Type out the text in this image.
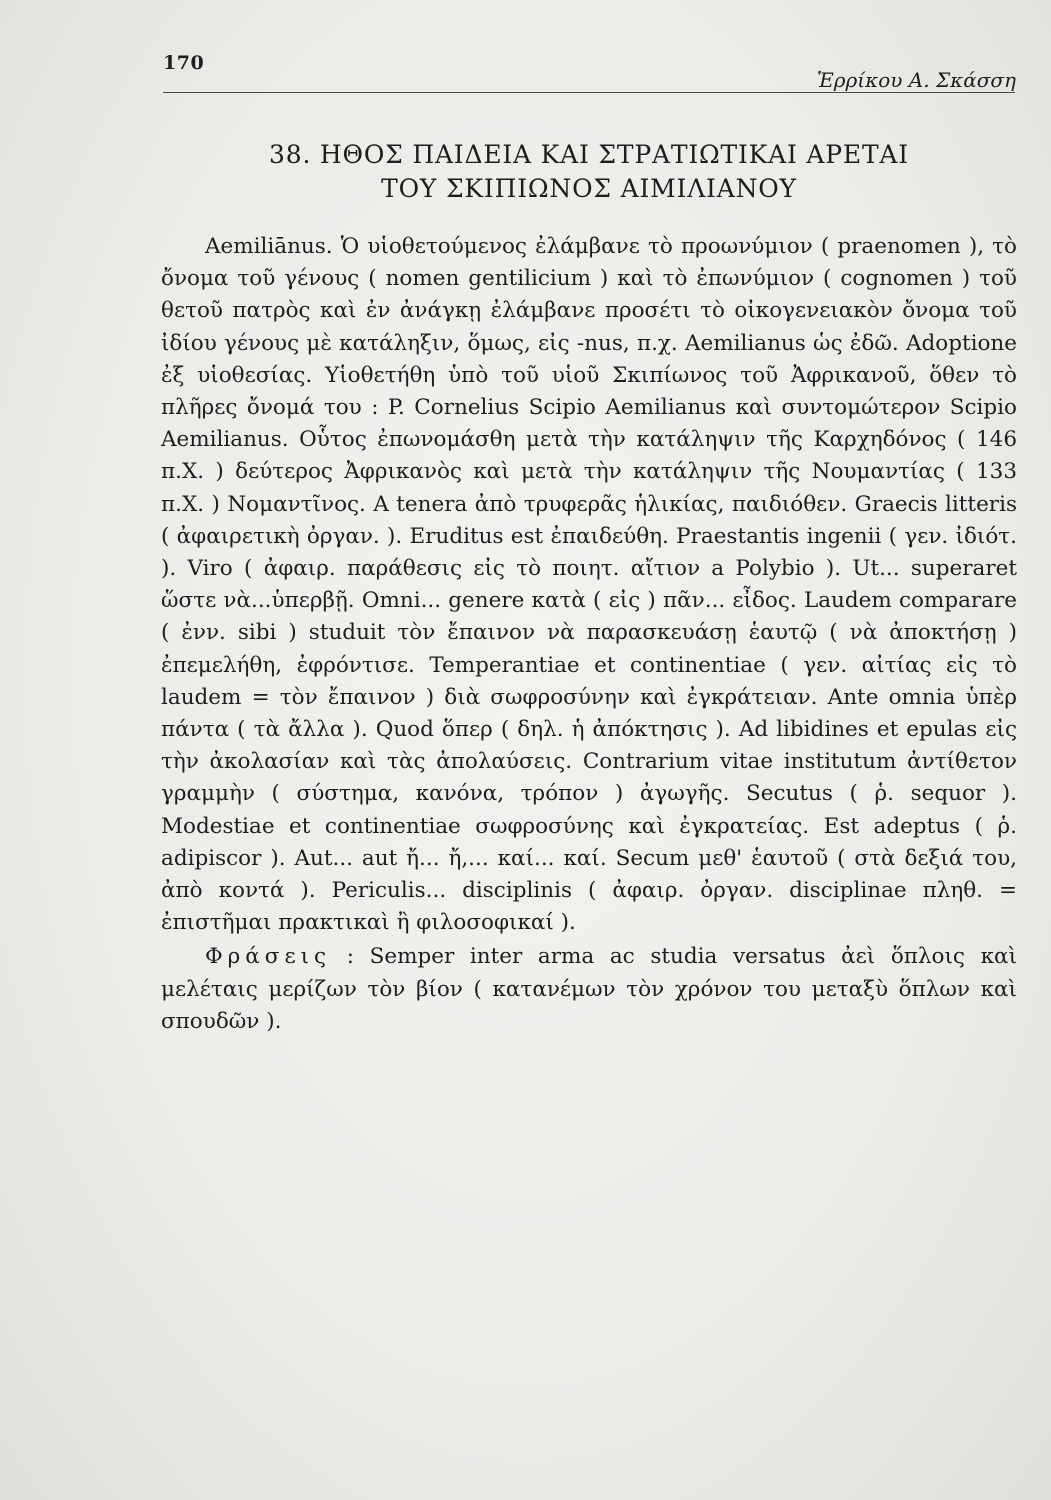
170
Ἑρρίκου Α. Σκάσση
38. ΗΘΟΣ ΠΑΙΔΕΙΑ ΚΑΙ ΣΤΡΑΤΙΩΤΙΚΑΙ ΑΡΕΤΑΙ
ΤΟΥ ΣΚΙΠΙΩΝΟΣ ΑΙΜΙΛΙΑΝΟΥ

Aemiliānus. Ὁ υἱοθετούμενος ἐλάμβανε τὸ προωνύμιον ( praenomen ), τὸ ὄνομα τοῦ γένους ( nomen gentilicium ) καὶ τὸ ἐπωνύμιον ( cognomen ) τοῦ θετοῦ πατρὸς καὶ ἐν ἀνάγκῃ ἐλάμβανε προσέτι τὸ οἰκογενειακὸν ὄνομα τοῦ ἰδίου γένους μὲ κατάληξιν, ὅμως, εἰς -nus, π.χ. Aemilianus ὡς ἐδῶ. Adoptione ἐξ υἱοθεσίας. Υἱοθετήθη ὑπὸ τοῦ υἱοῦ Σκιπίωνος τοῦ Ἀφρικανοῦ, ὅθεν τὸ πλῆρες ὄνομά του : P. Cornelius Scipio Aemilianus καὶ συντομώτερον Scipio Aemilianus. Οὗτος ἐπωνομάσθη μετὰ τὴν κατάληψιν τῆς Καρχηδόνος ( 146 π.Χ. ) δεύτερος Ἀφρικανὸς καὶ μετὰ τὴν κατάληψιν τῆς Νουμαντίας ( 133 π.Χ. ) Νομαντῖνος. A tenera ἀπὸ τρυφερᾶς ἡλικίας, παιδιόθεν. Graecis litteris ( ἀφαιρετικὴ ὀργαν. ). Eruditus est ἐπαιδεύθη. Praestantis ingenii ( γεν. ἰδιότ. ). Viro ( ἀφαιρ. παράθεσις εἰς τὸ ποιητ. αἴτιον a Polybio ). Ut... superaret ὥστε νὰ...ὑπερβῇ. Omni... genere κατὰ ( εἰς ) πᾶν... εἶδος. Laudem comparare ( ἐνν. sibi ) studuit τὸν ἔπαινον νὰ παρασκευάσῃ ἑαυτῷ ( νὰ ἀποκτήσῃ ) ἐπεμελήθη, ἐφρόντισε. Temperantiae et continentiae ( γεν. αἰτίας εἰς τὸ laudem = τὸν ἔπαινον ) διὰ σωφροσύνην καὶ ἐγκράτειαν. Ante omnia ὑπὲρ πάντα ( τὰ ἄλλα ). Quod ὅπερ ( δηλ. ἡ ἀπόκτησις ). Ad libidines et epulas εἰς τὴν ἀκολασίαν καὶ τὰς ἀπολαύσεις. Contrarium vitae institutum ἀντίθετον γραμμὴν ( σύστημα, κανόνα, τρόπον ) ἀγωγῆς. Secutus ( ῥ. sequor ). Modestiae et continentiae σωφροσύνης καὶ ἐγκρατείας. Est adeptus ( ῥ. adipiscor ). Aut... aut ἤ... ἤ,... καί... καί. Secum μεθ' ἑαυτοῦ ( στὰ δεξιά του, ἀπὸ κοντά ). Periculis... disciplinis ( ἀφαιρ. ὀργαν. disciplinae πληθ. = ἐπιστῆμαι πρακτικαὶ ἢ φιλοσοφικαί ).

Φράσεις : Semper inter arma ac studia versatus ἀεὶ ὅπλοις καὶ μελέταις μερίζων τὸν βίον ( κατανέμων τὸν χρόνον του μεταξὺ ὅπλων καὶ σπουδῶν ).
